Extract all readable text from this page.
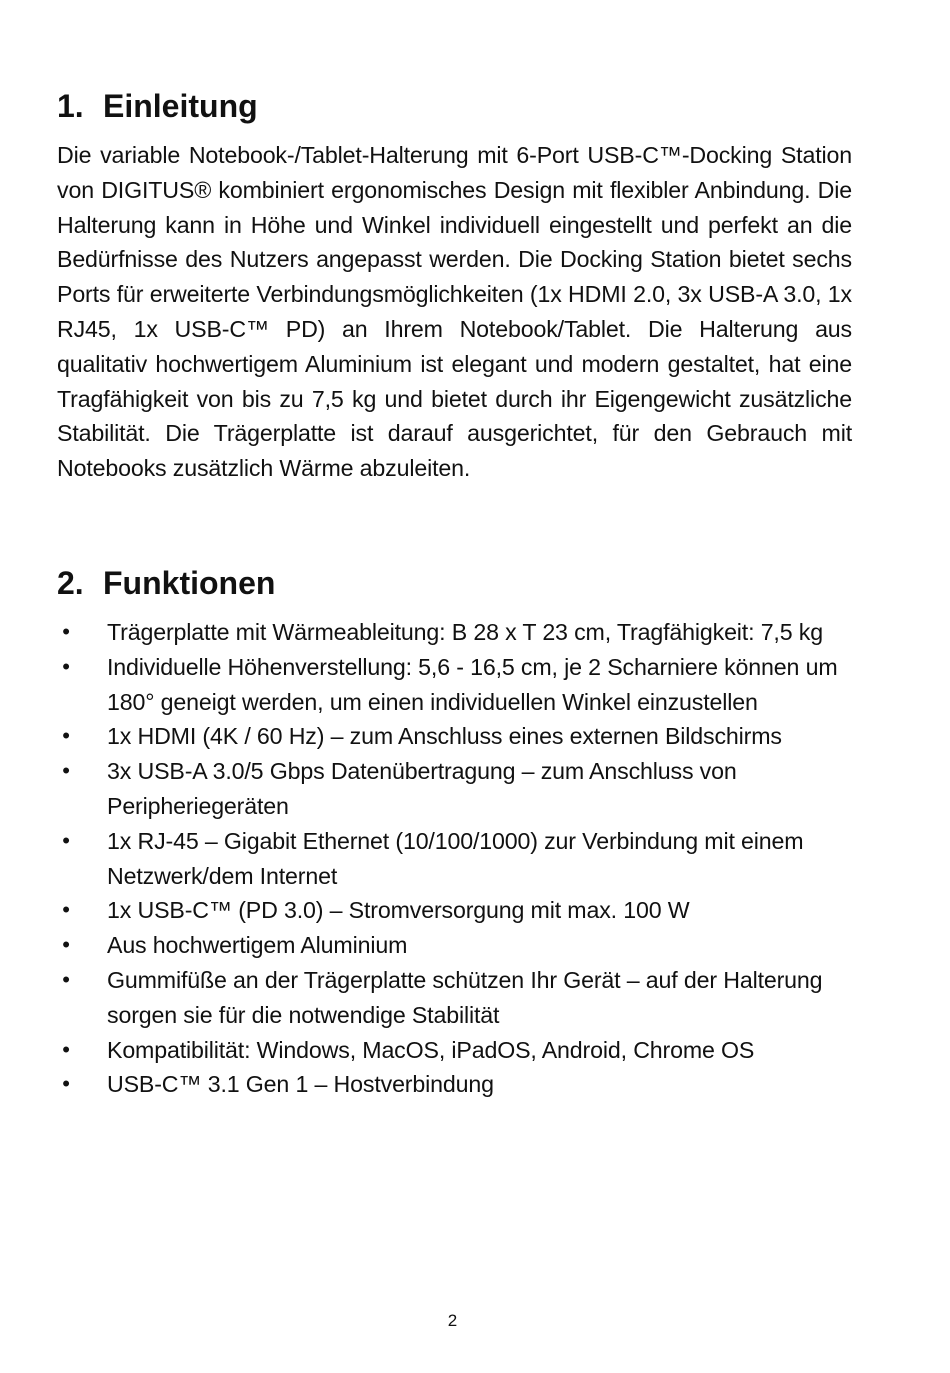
1. Einleitung

Die variable Notebook-/Tablet-Halterung mit 6-Port USB-C™-Docking Station von DIGITUS® kombiniert ergonomisches Design mit flexibler Anbindung. Die Halterung kann in Höhe und Winkel individuell eingestellt und perfekt an die Bedürfnisse des Nutzers angepasst werden. Die Docking Station bietet sechs Ports für erweiterte Verbindungsmöglichkeiten (1x HDMI 2.0, 3x USB-A 3.0, 1x RJ45, 1x USB-C™ PD) an Ihrem Notebook/Tablet. Die Halterung aus qualitativ hochwertigem Aluminium ist elegant und modern gestaltet, hat eine Tragfähigkeit von bis zu 7,5 kg und bietet durch ihr Eigengewicht zusätzliche Stabilität. Die Trägerplatte ist darauf ausgerichtet, für den Gebrauch mit Notebooks zusätzlich Wärme abzuleiten.

2. Funktionen
• Trägerplatte mit Wärmeableitung: B 28 x T 23 cm, Tragfähigkeit: 7,5 kg
• Individuelle Höhenverstellung: 5,6 - 16,5 cm, je 2 Scharniere können um 180° geneigt werden, um einen individuellen Winkel einzustellen
• 1x HDMI (4K / 60 Hz) – zum Anschluss eines externen Bildschirms
• 3x USB-A 3.0/5 Gbps Datenübertragung – zum Anschluss von Peripheriegeräten
• 1x RJ-45 – Gigabit Ethernet (10/100/1000) zur Verbindung mit einem Netzwerk/dem Internet
• 1x USB-C™ (PD 3.0) – Stromversorgung mit max. 100 W
• Aus hochwertigem Aluminium
• Gummifüße an der Trägerplatte schützen Ihr Gerät – auf der Halterung sorgen sie für die notwendige Stabilität
• Kompatibilität: Windows, MacOS, iPadOS, Android, Chrome OS
• USB-C™ 3.1 Gen 1 – Hostverbindung
2
